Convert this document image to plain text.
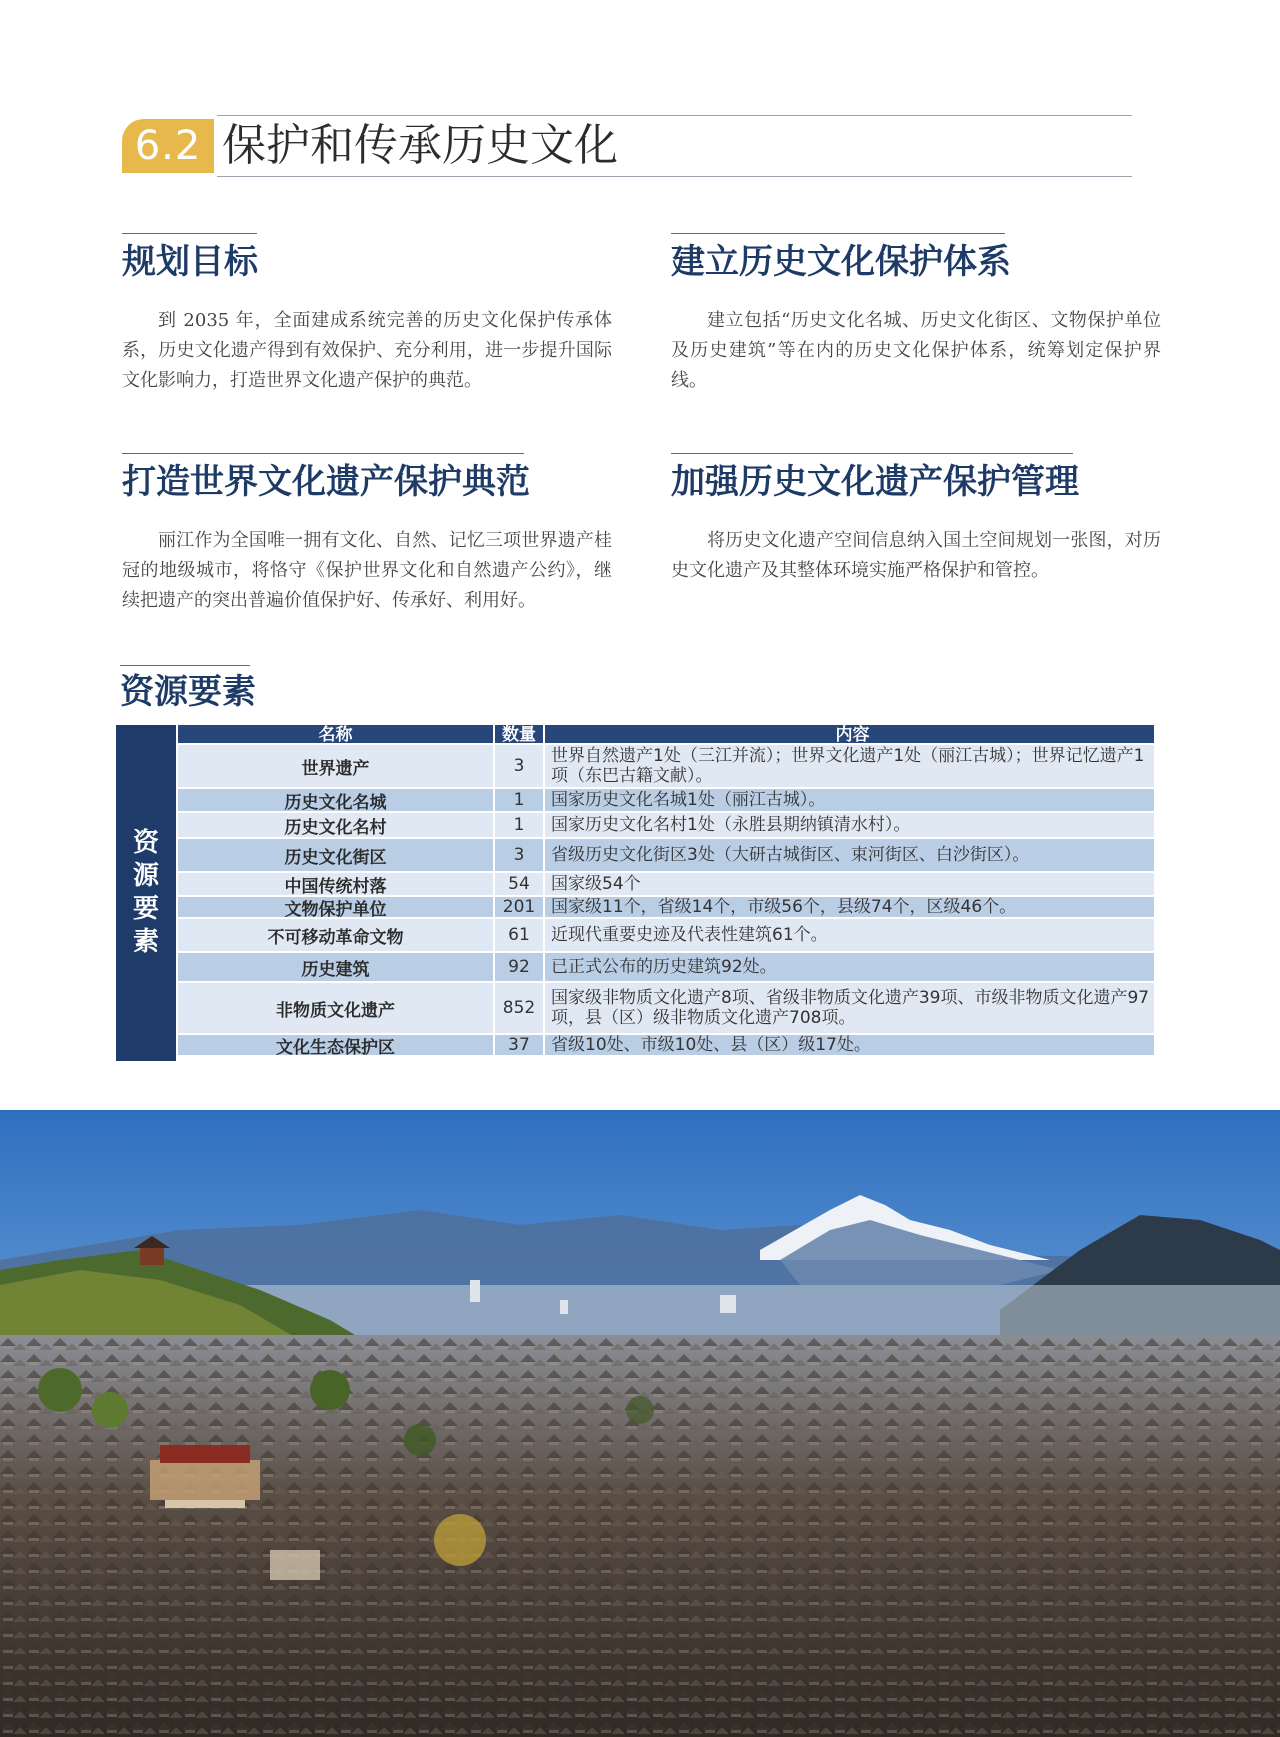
6.2 保护和传承历史文化
规划目标

到 2035 年，全面建成系统完善的历史文化保护传承体系，历史文化遗产得到有效保护、充分利用，进一步提升国际文化影响力，打造世界文化遗产保护的典范。

建立历史文化保护体系

建立包括“历史文化名城、历史文化街区、文物保护单位及历史建筑”等在内的历史文化保护体系，统筹划定保护界线。

打造世界文化遗产保护典范

丽江作为全国唯一拥有文化、自然、记忆三项世界遗产桂冠的地级城市，将恪守《保护世界文化和自然遗产公约》，继续把遗产的突出普遍价值保护好、传承好、利用好。

加强历史文化遗产保护管理

将历史文化遗产空间信息纳入国土空间规划一张图，对历史文化遗产及其整体环境实施严格保护和管控。

资源要素
资
源
要
素
名称	数量	内容
世界遗产	3	世界自然遗产1处（三江并流）；世界文化遗产1处（丽江古城）；世界记忆遗产1项（东巴古籍文献）。
历史文化名城	1	国家历史文化名城1处（丽江古城）。
历史文化名村	1	国家历史文化名村1处（永胜县期纳镇清水村）。
历史文化街区	3	省级历史文化街区3处（大研古城街区、束河街区、白沙街区）。
中国传统村落	54	国家级54个
文物保护单位	201 国家级11个，省级14个，市级56个，县级74个，区级46个。
不可移动革命文物	61	近现代重要史迹及代表性建筑61个。
历史建筑	92	已正式公布的历史建筑92处。
非物质文化遗产	852 国家级非物质文化遗产8项、省级非物质文化遗产39项、市级非物质文化遗产97项，县（区）级非物质文化遗产708项。
文化生态保护区	37	省级10处、市级10处、县（区）级17处。
